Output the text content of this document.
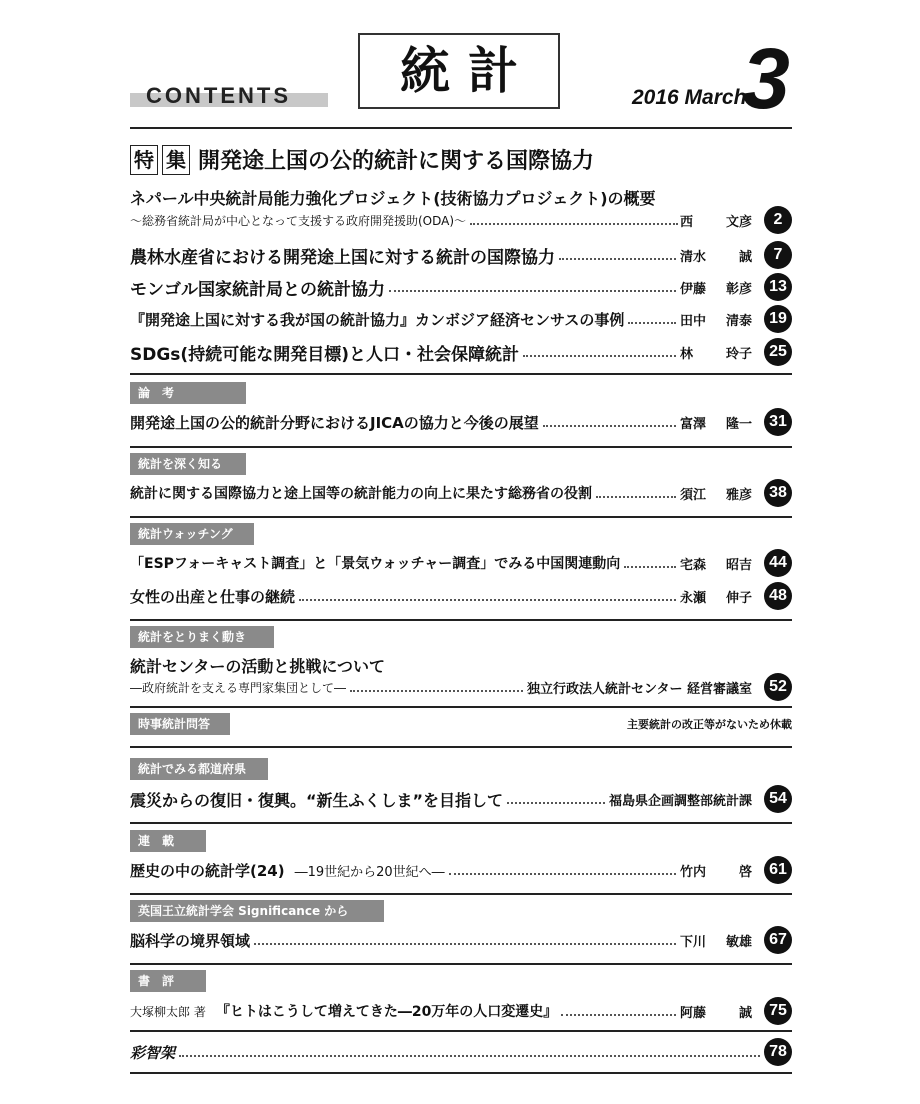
CONTENTS	統計	2016 March
3
特 集 開発途上国の公的統計に関する国際協力
ネパール中央統計局能力強化プロジェクト(技術協力プロジェクト)の概要
〜総務省統計局が中心となって支援する政府開発援助(ODA)〜	西	文彦	2
農林水産省における開発途上国に対する統計の国際協力	清水	誠	7
モンゴル国家統計局との統計協力	伊藤	彰彦	13
『開発途上国に対する我が国の統計協力』カンボジア経済センサスの事例	田中	清泰	19
SDGs(持続可能な開発目標)と人口・社会保障統計	林	玲子	25
論　考
開発途上国の公的統計分野におけるJICAの協力と今後の展望	富澤	隆一	31
統計を深く知る
統計に関する国際協力と途上国等の統計能力の向上に果たす総務省の役割	須江	雅彦	38
統計ウォッチング
「ESPフォーキャスト調査」と「景気ウォッチャー調査」でみる中国関連動向	宅森	昭吉	44
女性の出産と仕事の継続	永瀬	伸子	48
統計をとりまく動き
統計センターの活動と挑戦について
―政府統計を支える専門家集団として―	独立行政法人統計センター 経営審議室	52
時事統計問答	主要統計の改正等がないため休載
統計でみる都道府県
震災からの復旧・復興。“新生ふくしま”を目指して	福島県企画調整部統計課	54
連　載
歴史の中の統計学(24) ―19世紀から20世紀へ―	竹内	啓	61
英国王立統計学会 Significance から
脳科学の境界領域	下川	敏雄	67
書　評
大塚柳太郎 著 『ヒトはこうして増えてきた―20万年の人口変遷史』	阿藤	誠	75
彩智架	78
